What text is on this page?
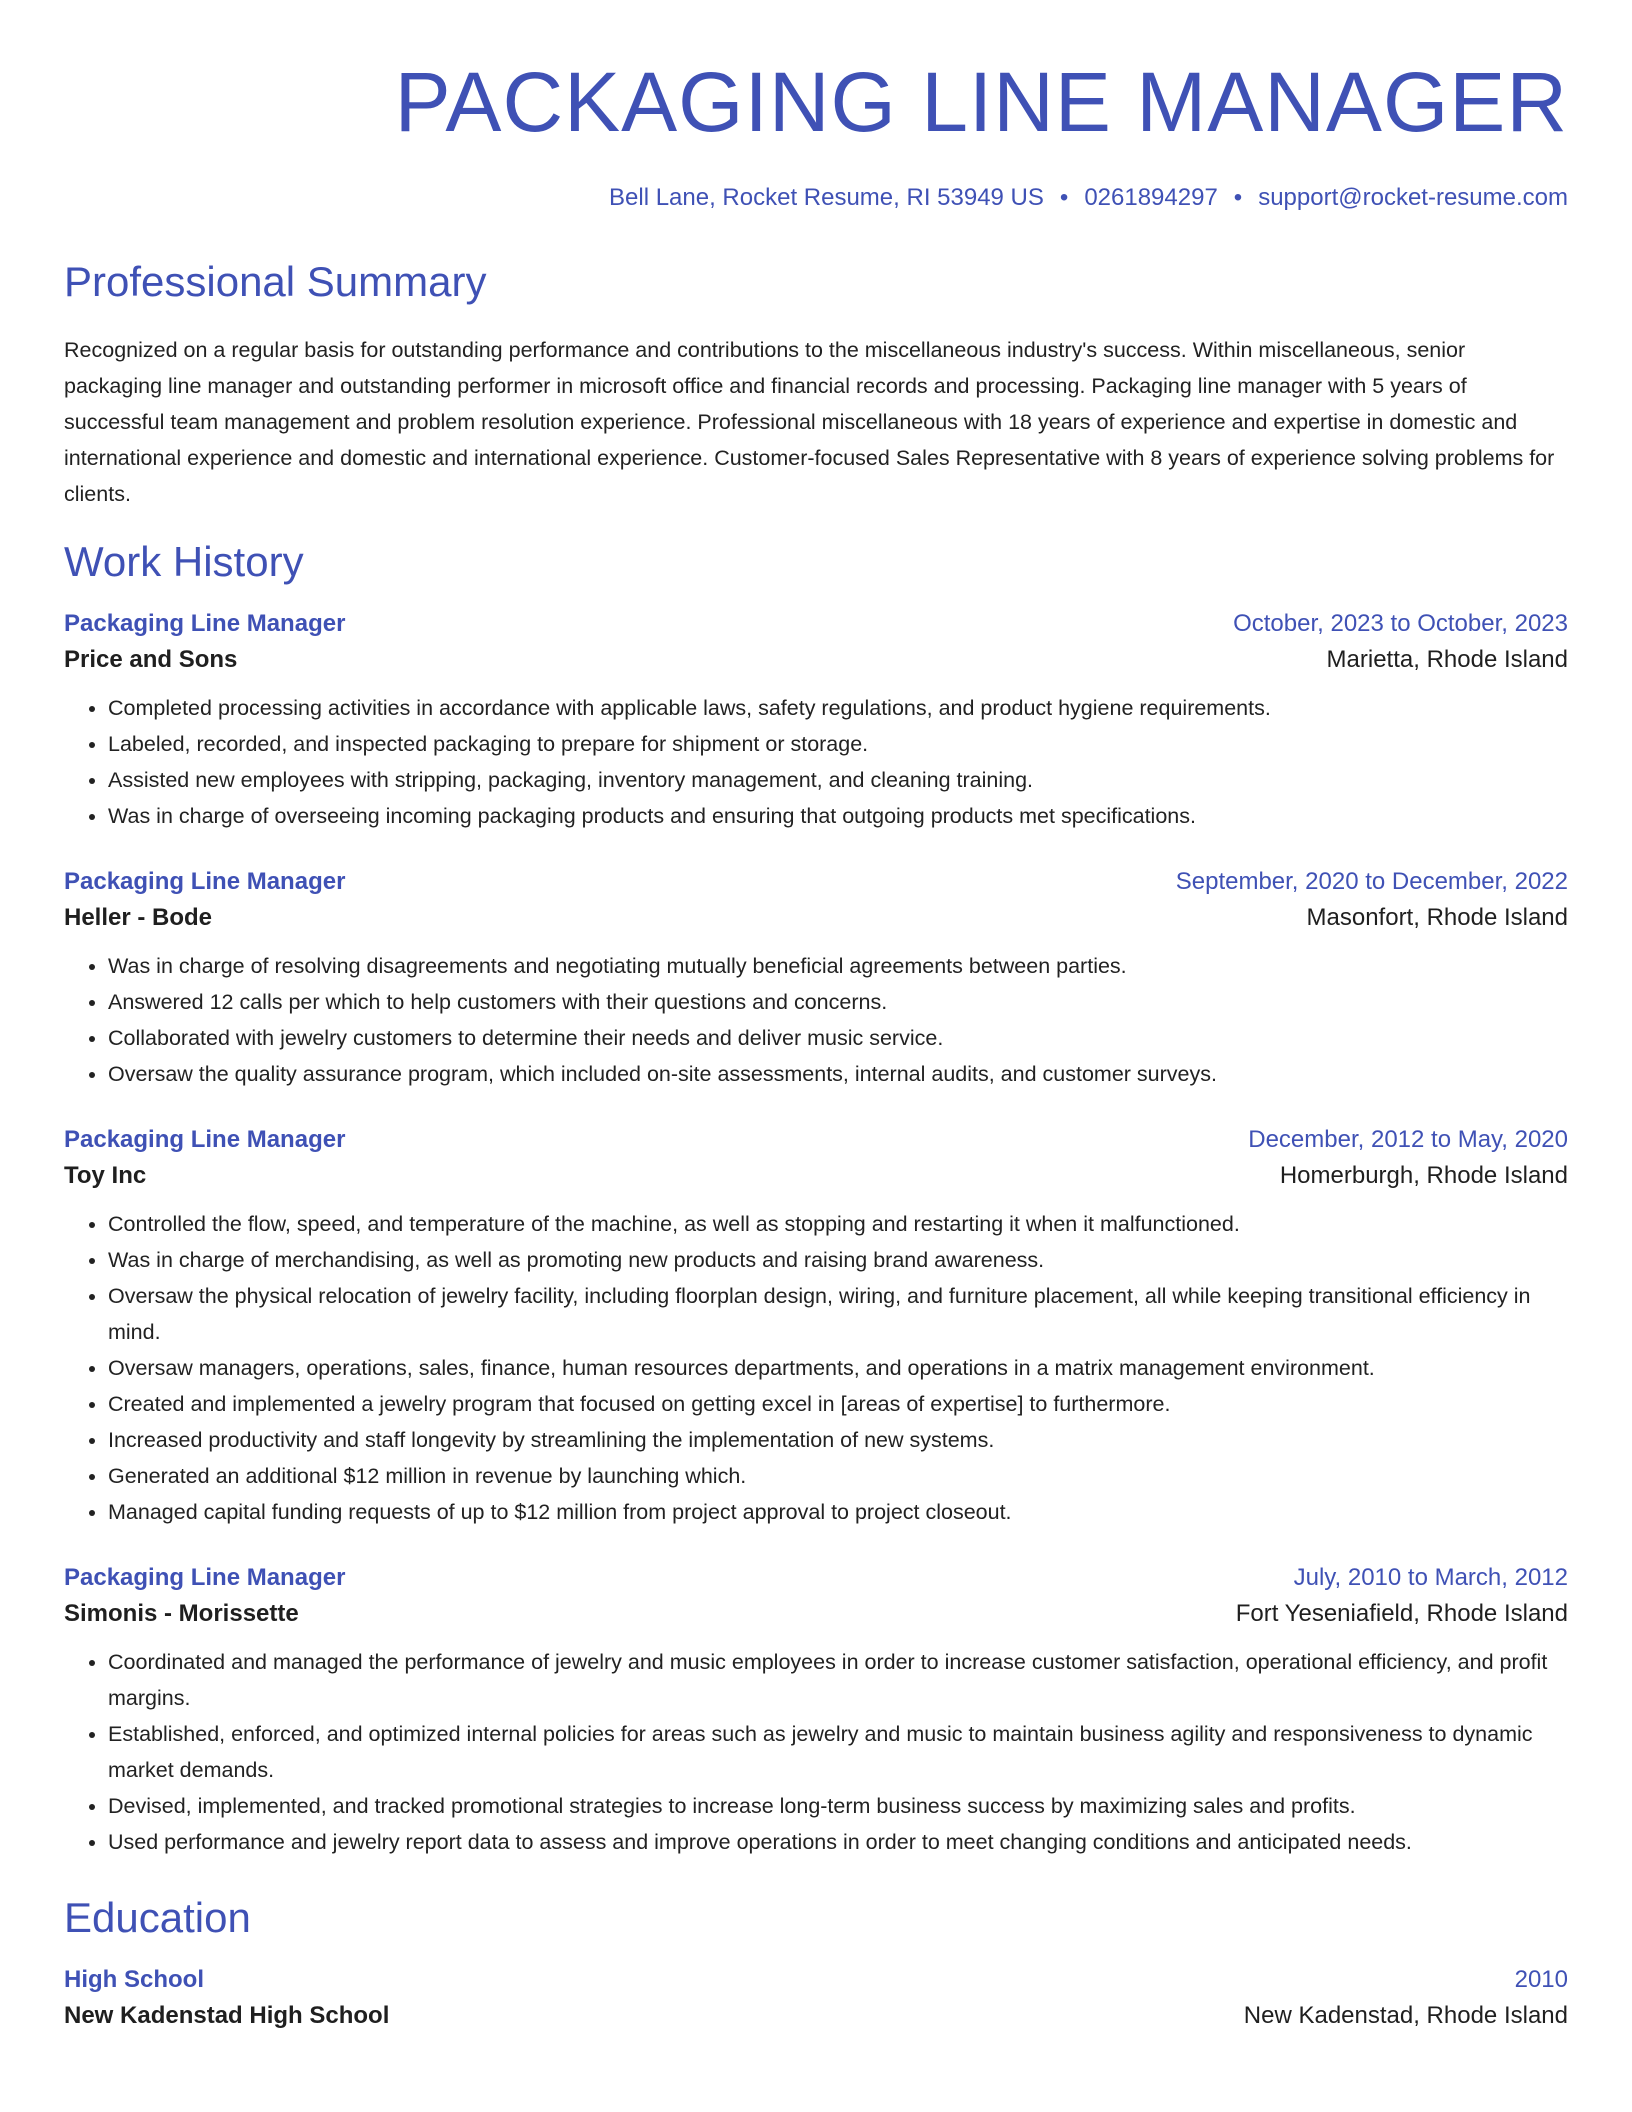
PACKAGING LINE MANAGER
Bell Lane, Rocket Resume, RI 53949 US • 0261894297 • support@rocket-resume.com
Professional Summary
Recognized on a regular basis for outstanding performance and contributions to the miscellaneous industry's success. Within miscellaneous, senior packaging line manager and outstanding performer in microsoft office and financial records and processing. Packaging line manager with 5 years of successful team management and problem resolution experience. Professional miscellaneous with 18 years of experience and expertise in domestic and international experience and domestic and international experience. Customer-focused Sales Representative with 8 years of experience solving problems for clients.
Work History
Packaging Line Manager	October, 2023 to October, 2023
Price and Sons	Marietta, Rhode Island
• Completed processing activities in accordance with applicable laws, safety regulations, and product hygiene requirements.
• Labeled, recorded, and inspected packaging to prepare for shipment or storage.
• Assisted new employees with stripping, packaging, inventory management, and cleaning training.
• Was in charge of overseeing incoming packaging products and ensuring that outgoing products met specifications.
Packaging Line Manager	September, 2020 to December, 2022
Heller - Bode	Masonfort, Rhode Island
• Was in charge of resolving disagreements and negotiating mutually beneficial agreements between parties.
• Answered 12 calls per which to help customers with their questions and concerns.
• Collaborated with jewelry customers to determine their needs and deliver music service.
• Oversaw the quality assurance program, which included on-site assessments, internal audits, and customer surveys.
Packaging Line Manager	December, 2012 to May, 2020
Toy Inc	Homerburgh, Rhode Island
• Controlled the flow, speed, and temperature of the machine, as well as stopping and restarting it when it malfunctioned.
• Was in charge of merchandising, as well as promoting new products and raising brand awareness.
• Oversaw the physical relocation of jewelry facility, including floorplan design, wiring, and furniture placement, all while keeping transitional efficiency in mind.
• Oversaw managers, operations, sales, finance, human resources departments, and operations in a matrix management environment.
• Created and implemented a jewelry program that focused on getting excel in [areas of expertise] to furthermore.
• Increased productivity and staff longevity by streamlining the implementation of new systems.
• Generated an additional $12 million in revenue by launching which.
• Managed capital funding requests of up to $12 million from project approval to project closeout.
Packaging Line Manager	July, 2010 to March, 2012
Simonis - Morissette	Fort Yeseniafield, Rhode Island
• Coordinated and managed the performance of jewelry and music employees in order to increase customer satisfaction, operational efficiency, and profit margins.
• Established, enforced, and optimized internal policies for areas such as jewelry and music to maintain business agility and responsiveness to dynamic market demands.
• Devised, implemented, and tracked promotional strategies to increase long-term business success by maximizing sales and profits.
• Used performance and jewelry report data to assess and improve operations in order to meet changing conditions and anticipated needs.
Education
High School	2010
New Kadenstad High School	New Kadenstad, Rhode Island
